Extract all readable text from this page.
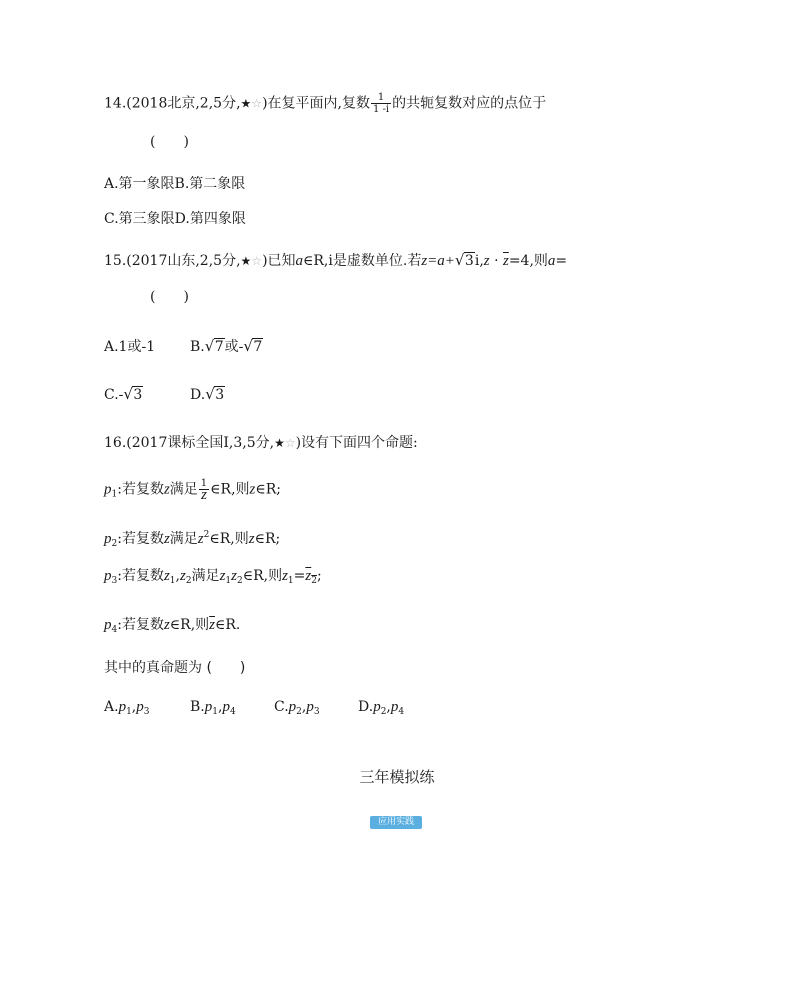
14.(2018北京,2,5分,★☆)在复平面内,复数 $\frac{1}{1 -i}$ 的共轭复数对应的点位于
(　　)
A.第一象限B.第二象限
C.第三象限D.第四象限
15.(2017山东,2,5分,★☆)已知a∈R,i是虚数单位.若z=a+ √ $3i,z \cdot \overline{z}=4$,则a=
(　　)
A.1或-1 B. √ 7或- √ 7
C.- √ 3	D. √ 3
16.(2017课标全国Ⅰ,3,5分,★☆)设有下面四个命题:
$p_1$:若复数z满足 $\frac{1}{z}$ ∈R,则z∈R;
$p_2$:若复数z满足$z^2\in R$,则z∈R;
$p_3$:若复数$z_1,z_2$满足$z_1z_2\in R$,则$z_1=z_2$;
$p_4$:若复数z∈R,则$\overline{z}\in R$.
其中的真命题为 (　　)
$A.p_1,p_3$	$B.p_1,p_4$	$C.p_2,p_3$	$D.p_2,p_4$
三年模拟练
应用实践
